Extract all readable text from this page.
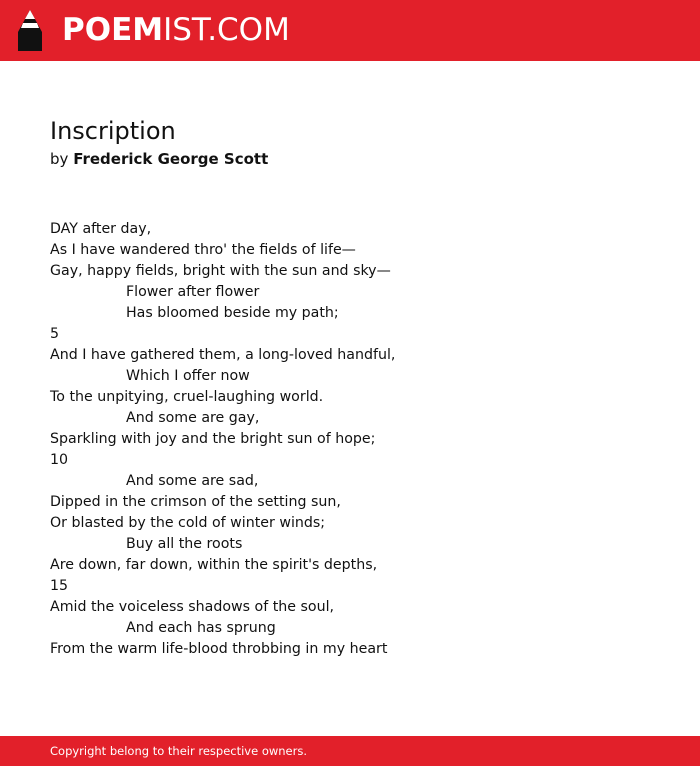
POEMIST.COM
Inscription
by Frederick George Scott
DAY after day,
As I have wandered thro' the fields of life—
Gay, happy fields, bright with the sun and sky—
Flower after flower
Has bloomed beside my path;
5
And I have gathered them, a long-loved handful,
Which I offer now
To the unpitying, cruel-laughing world.
And some are gay,
Sparkling with joy and the bright sun of hope;
10
And some are sad,
Dipped in the crimson of the setting sun,
Or blasted by the cold of winter winds;
Buy all the roots
Are down, far down, within the spirit's depths,
15
Amid the voiceless shadows of the soul,
And each has sprung
From the warm life-blood throbbing in my heart
Copyright belong to their respective owners.
